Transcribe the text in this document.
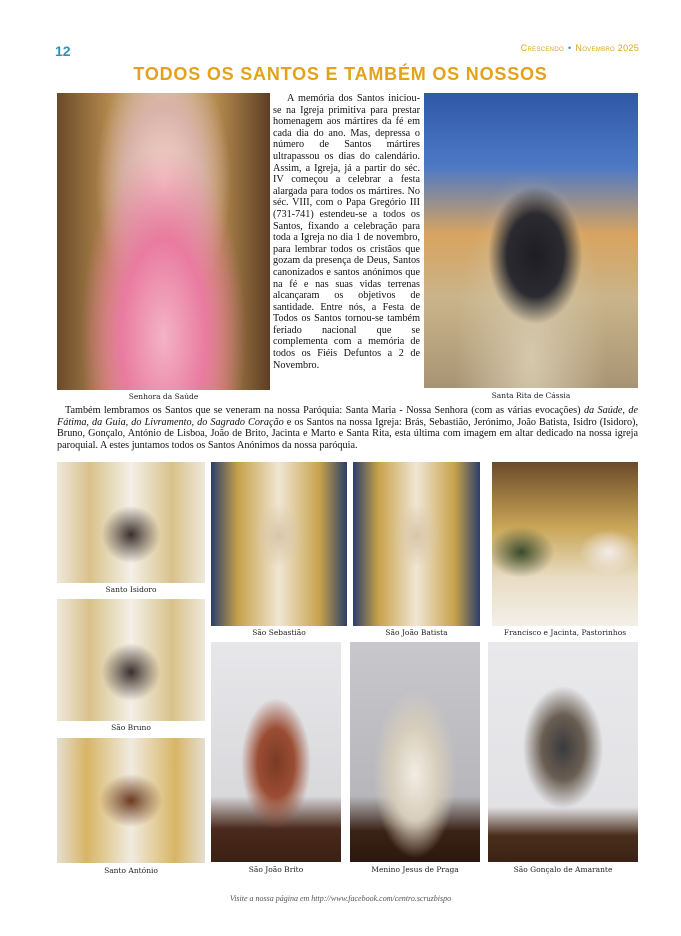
12	Crescendo • Novembro 2025
TODOS OS SANTOS E TAMBÉM OS NOSSOS
Senhora da Saúde
A memória dos Santos iniciou-se na Igreja primitiva para prestar homenagem aos mártires da fé em cada dia do ano. Mas, depressa o número de Santos mártires ultrapassou os dias do calendário. Assim, a Igreja, já a partir do séc. IV começou a celebrar a festa alargada para todos os mártires. No séc. VIII, com o Papa Gregório III (731-741) estendeu-se a todos os Santos, fixando a celebração para toda a Igreja no dia 1 de novembro, para lembrar todos os cristãos que gozam da presença de Deus, Santos canonizados e santos anónimos que na fé e nas suas vidas terrenas alcançaram os objetivos de santidade. Entre nós, a Festa de Todos os Santos tornou-se também feriado nacional que se complementa com a memória de todos os Fiéis Defuntos a 2 de Novembro.
Santa Rita de Cássia
Também lembramos os Santos que se veneram na nossa Paróquia: Santa Maria - Nossa Senhora (com as várias evocações) da Saúde, de Fátima, da Guia, do Livramento, do Sagrado Coração e os Santos na nossa Igreja: Brás, Sebastião, Jerónimo, João Batista, Isidro (Isidoro), Bruno, Gonçalo, António de Lisboa, João de Brito, Jacinta e Marto e Santa Rita, esta última com imagem em altar dedicado na nossa igreja paroquial. A estes juntamos todos os Santos Anónimos da nossa paróquia.
Santo Isidoro
São Sebastião	São João Batista	Francisco e Jacinta, Pastorinhos
São Bruno
Santo António	São João Brito	Menino Jesus de Praga	São Gonçalo de Amarante
Visite a nossa página em http://www.facebook.com/centro.scruzbispo
